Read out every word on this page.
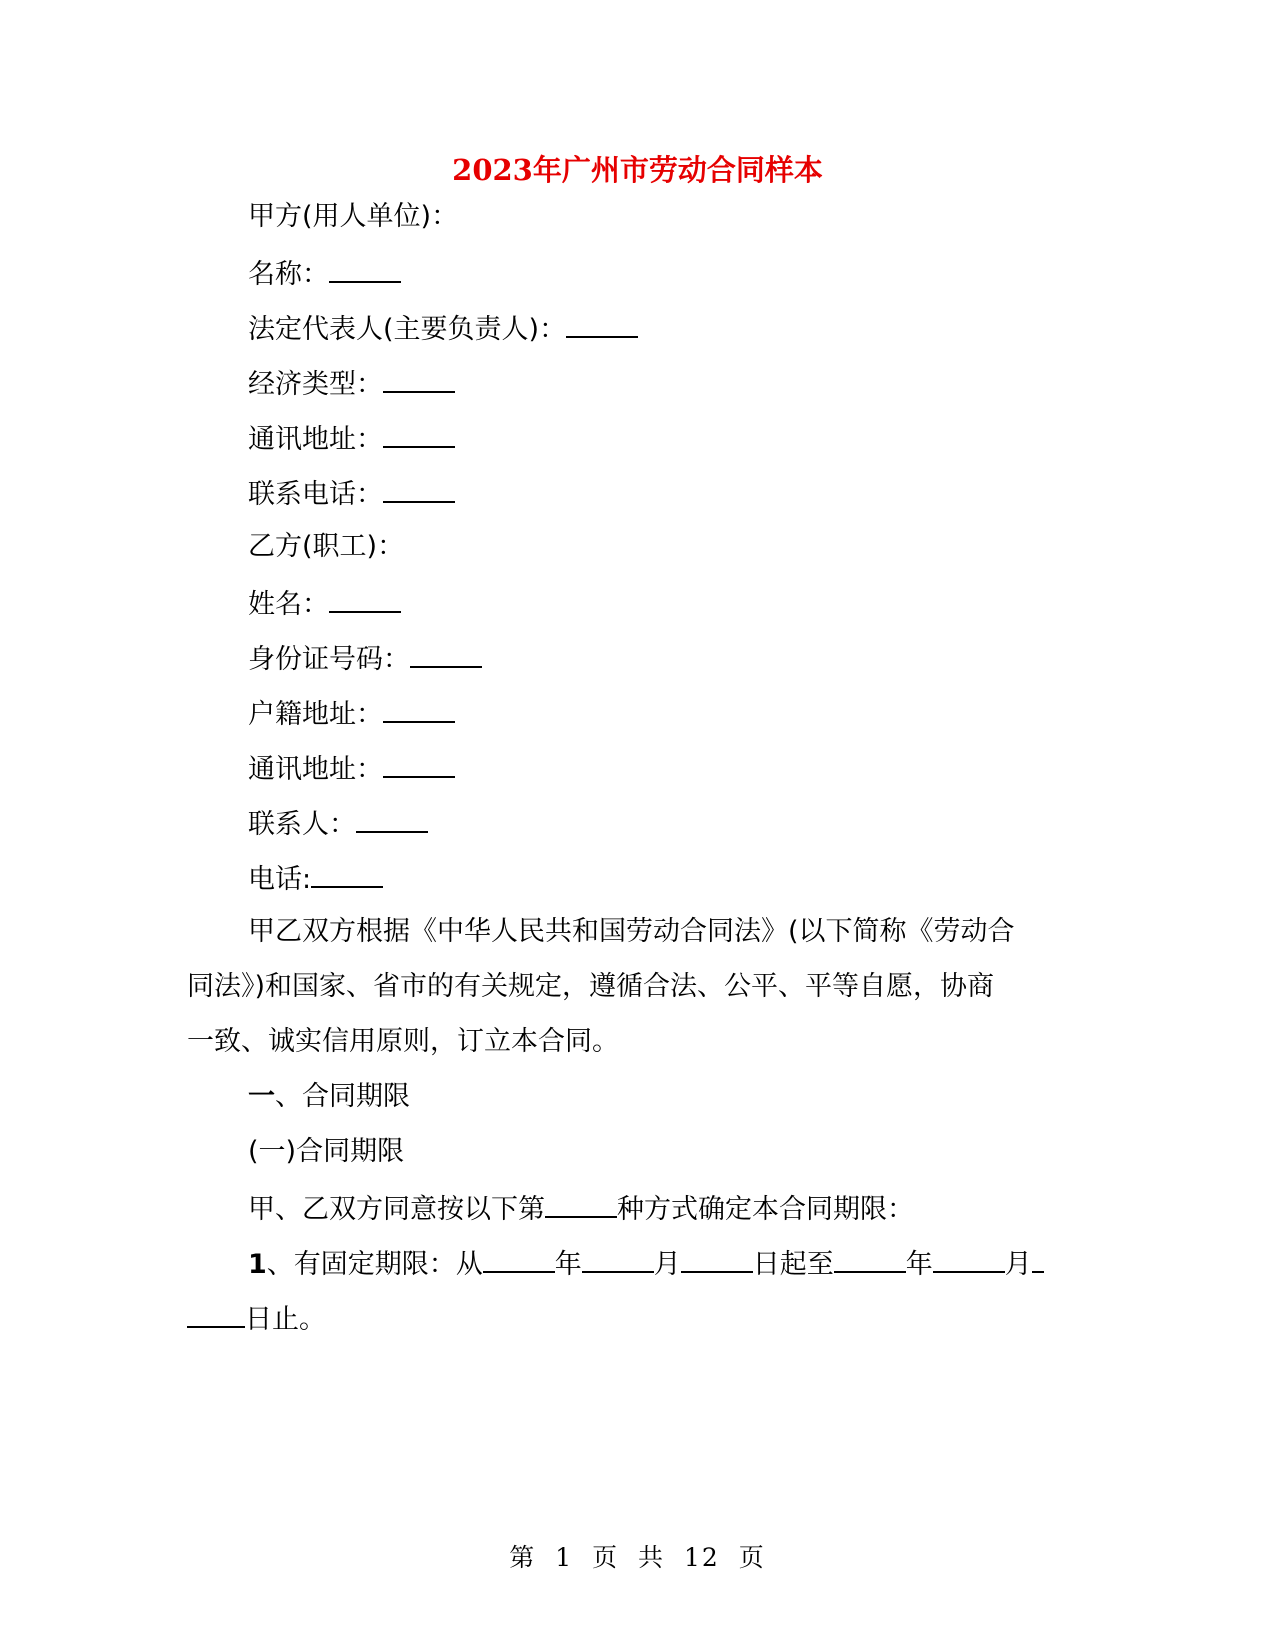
2023年广州市劳动合同样本
甲方(用人单位)：
名称：
法定代表人(主要负责人)：
经济类型：
通讯地址：
联系电话：
乙方(职工)：
姓名：
身份证号码：
户籍地址：
通讯地址：
联系人：
电话:
甲乙双方根据《中华人民共和国劳动合同法》(以下简称《劳动合
同法》)和国家、省市的有关规定，遵循合法、公平、平等自愿，协商
一致、诚实信用原则，订立本合同。
一、合同期限
(一)合同期限
甲、乙双方同意按以下第	种方式确定本合同期限：
1、有固定期限：从	年	月	日起至	年	月
日止。
第 1 页 共 12 页
